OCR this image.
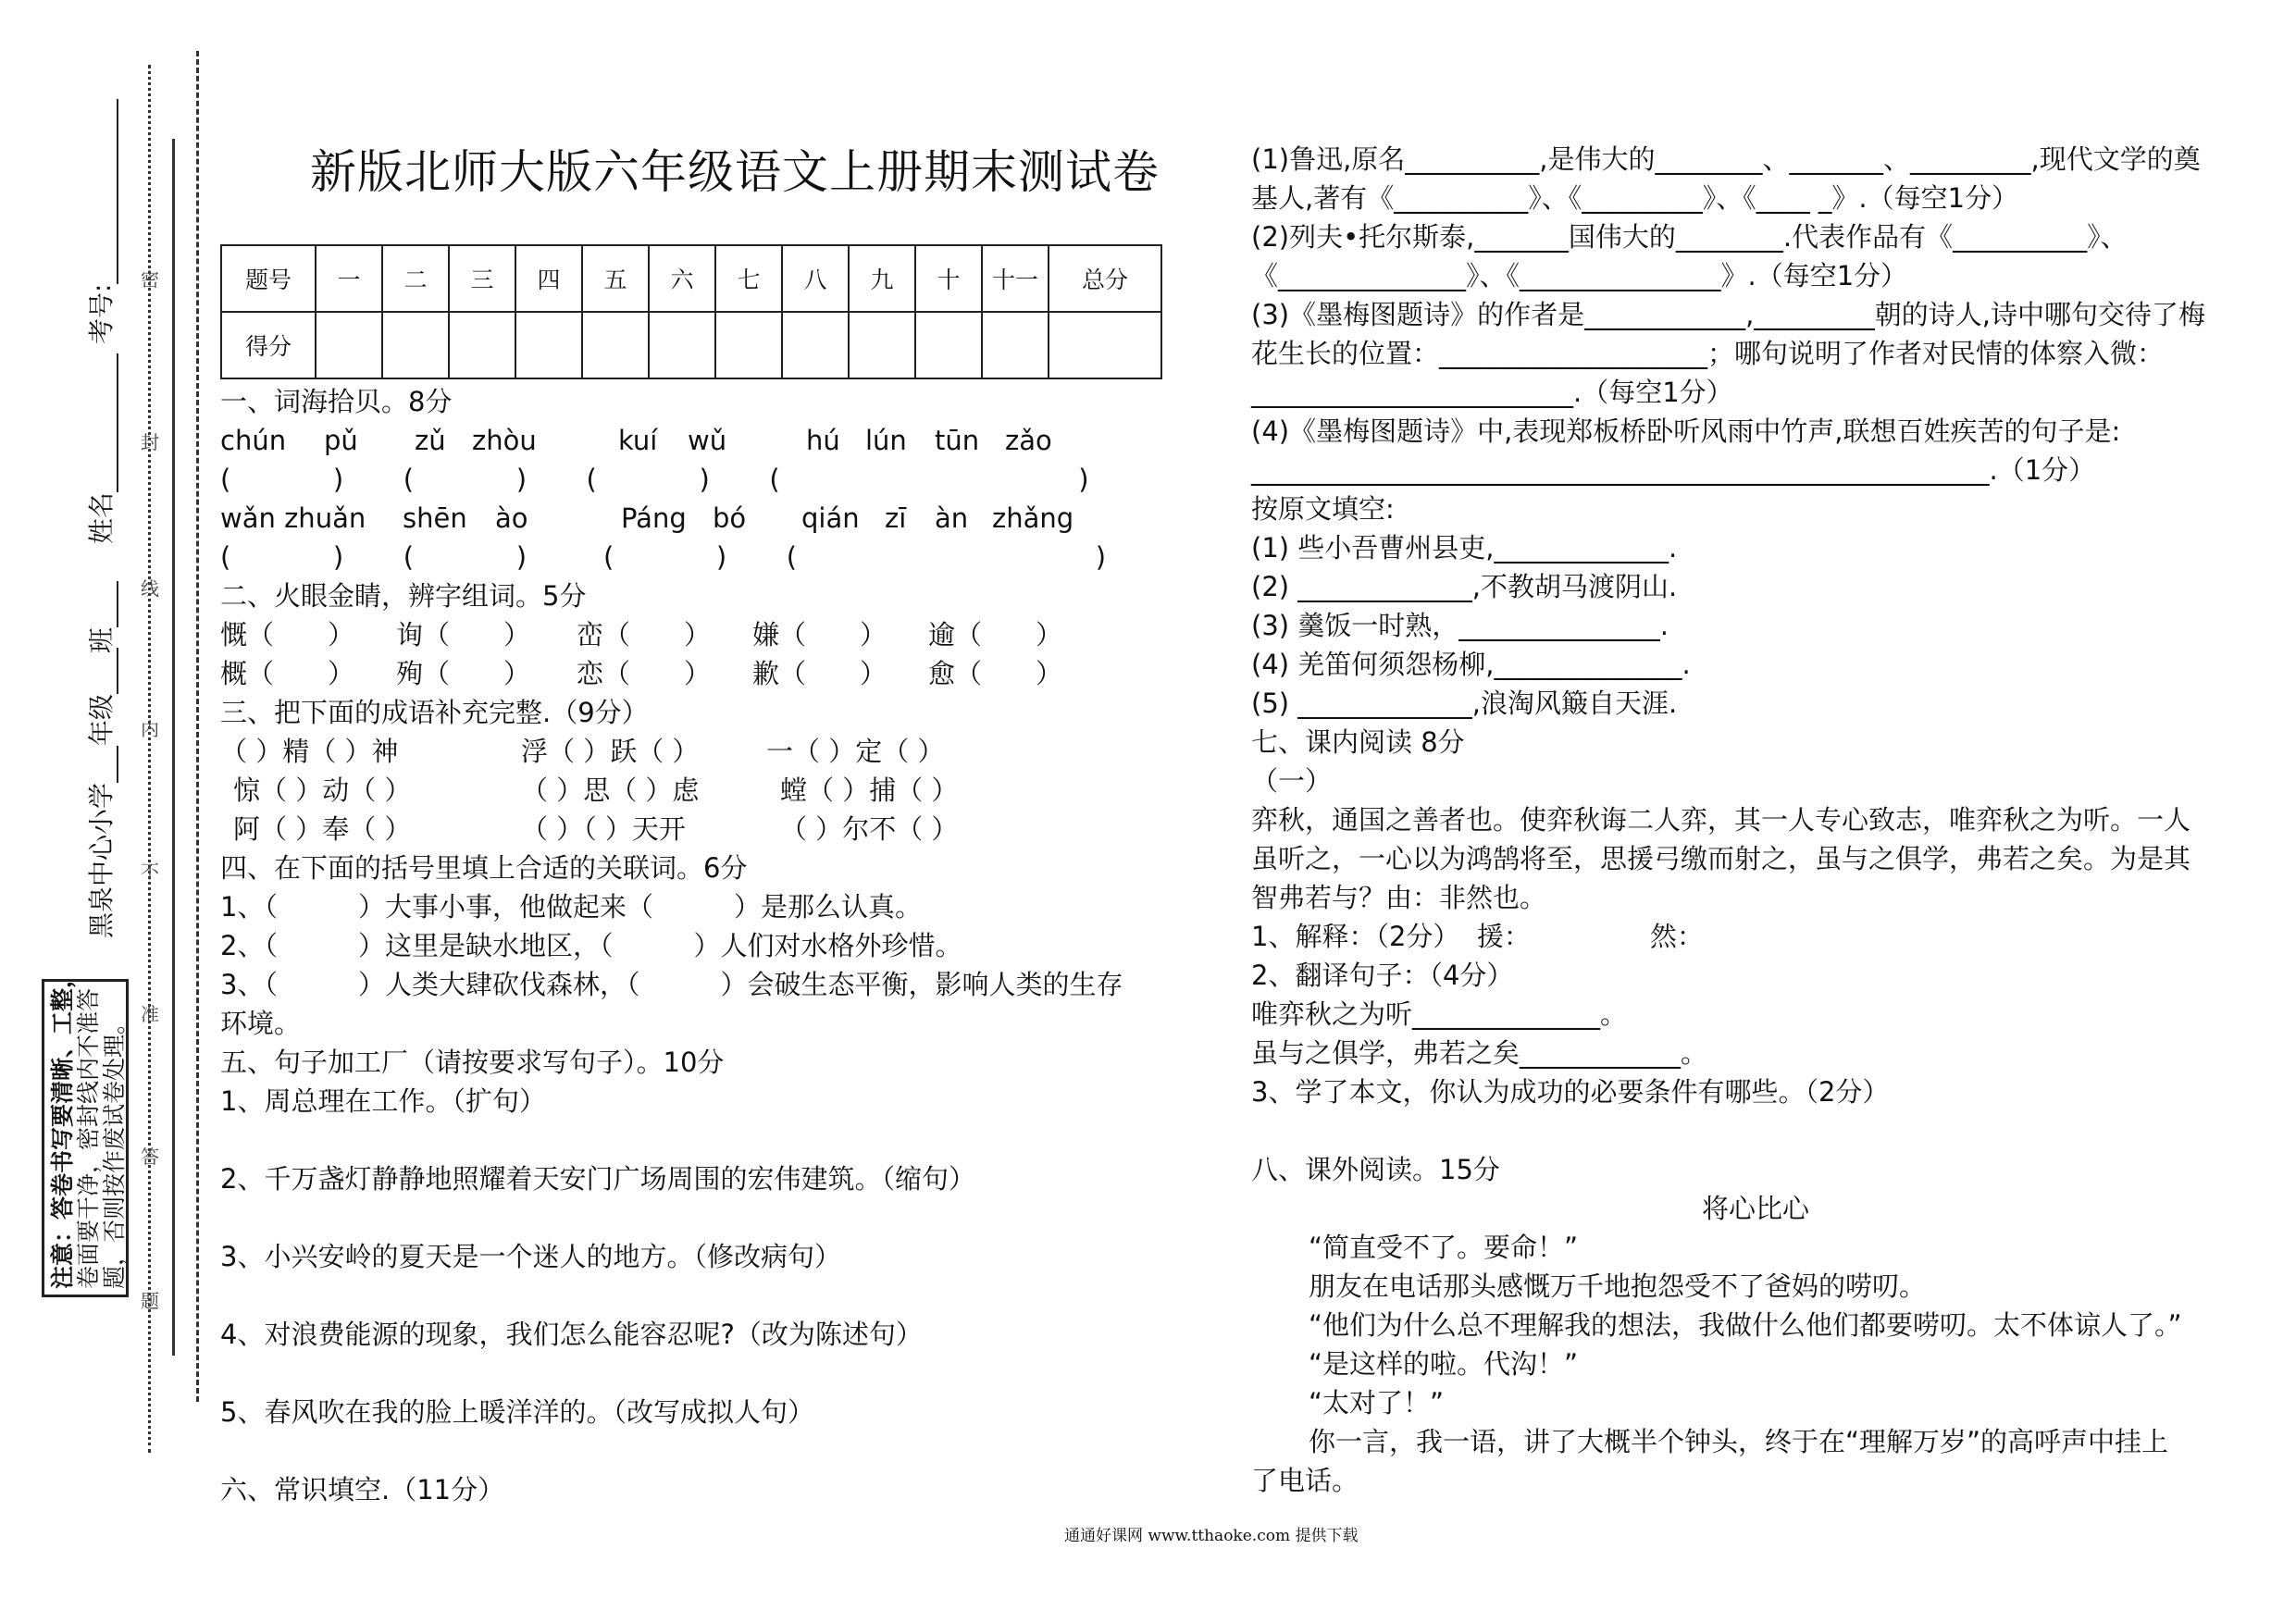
密
封
线
内
不
准
答
题
考号:
姓名
班
年级
黑泉中心小学
注意：答卷书写要清晰、工整， 卷面要干净，密封线内不准答 题，否则按作废试卷处理。
新版北师大版六年级语文上册期末测试卷
题号	一	二	三	四	五	六	七	八	九	十	十一	总分
得分												
一、词海拾贝。8分
chún pǔ zǔ zhòu	kuí wǔ	hú lún tūn zǎo
(            )       (            )       (            )       (                                   )
wǎn zhuǎn shēn ào	Páng bó qián zī àn zhǎng
(            )       (            )         (            )       (                                   )
二、火眼金睛，辨字组词。5分
慨（　　） 询（　　） 峦（　　） 嫌（　　） 逾（　　）
概（　　） 殉（　　） 恋（　　） 歉（　　） 愈（　　）
三、把下面的成语补充完整.（9分）
（ ）精（ ）神	浮（ ）跃（ ）	一（ ）定（ ）
惊（ ）动（ ）	（ ）思（ ）虑	螳（ ）捕（ ）
阿（ ）奉（ ）	（ ）（ ）天开	（ ）尔不（ ）
四、在下面的括号里填上合适的关联词。6分
1、（　　　）大事小事，他做起来（　　　）是那么认真。
2、（　　　）这里是缺水地区，（　　　）人们对水格外珍惜。
3、（　　　）人类大肆砍伐森林，（　　　）会破生态平衡，影响人类的生存
环境。
五、句子加工厂（请按要求写句子）。10分
1、周总理在工作。（扩句）
2、千万盏灯静静地照耀着天安门广场周围的宏伟建筑。（缩句）
3、小兴安岭的夏天是一个迷人的地方。（修改病句）
4、对浪费能源的现象，我们怎么能容忍呢?（改为陈述句）
5、春风吹在我的脸上暖洋洋的。（改写成拟人句）
六、常识填空.（11分）
(1)鲁迅,原名__________,是伟大的________、_______、_________,现代文学的奠
基人,著有《__________》、《_________》、《____ _》.（每空1分）
(2)列夫•托尔斯泰,_______国伟大的________.代表作品有《__________》、
《______________》、《_______________》.（每空1分）
(3)《墨梅图题诗》的作者是____________,_________朝的诗人,诗中哪句交待了梅
花生长的位置：____________________；哪句说明了作者对民情的体察入微：
________________________.（每空1分）
(4)《墨梅图题诗》中,表现郑板桥卧听风雨中竹声,联想百姓疾苦的句子是:
_______________________________________________________.（1分）
按原文填空:
(1) 些小吾曹州县吏,_____________.
(2) _____________,不教胡马渡阴山.
(3) 羹饭一时熟，_______________.
(4) 羌笛何须怨杨柳,______________.
(5) _____________,浪淘风簸自天涯.
七、课内阅读 8分
（一）
弈秋，通国之善者也。使弈秋诲二人弈，其一人专心致志，唯弈秋之为听。一人
虽听之，一心以为鸿鹄将至，思援弓缴而射之，虽与之俱学，弗若之矣。为是其
智弗若与？由：非然也。
1、解释：（2分）  援：              然：
2、翻译句子：（4分）
唯弈秋之为听______________。
虽与之俱学，弗若之矣____________。
3、学了本文，你认为成功的必要条件有哪些。（2分）
八、课外阅读。15分
将心比心
“简直受不了。要命！”
朋友在电话那头感慨万千地抱怨受不了爸妈的唠叨。
“他们为什么总不理解我的想法，我做什么他们都要唠叨。太不体谅人了。”
“是这样的啦。代沟！”
“太对了！”
你一言，我一语，讲了大概半个钟头，终于在“理解万岁”的高呼声中挂上
了电话。
通通好课网 www.tthaoke.com 提供下载
